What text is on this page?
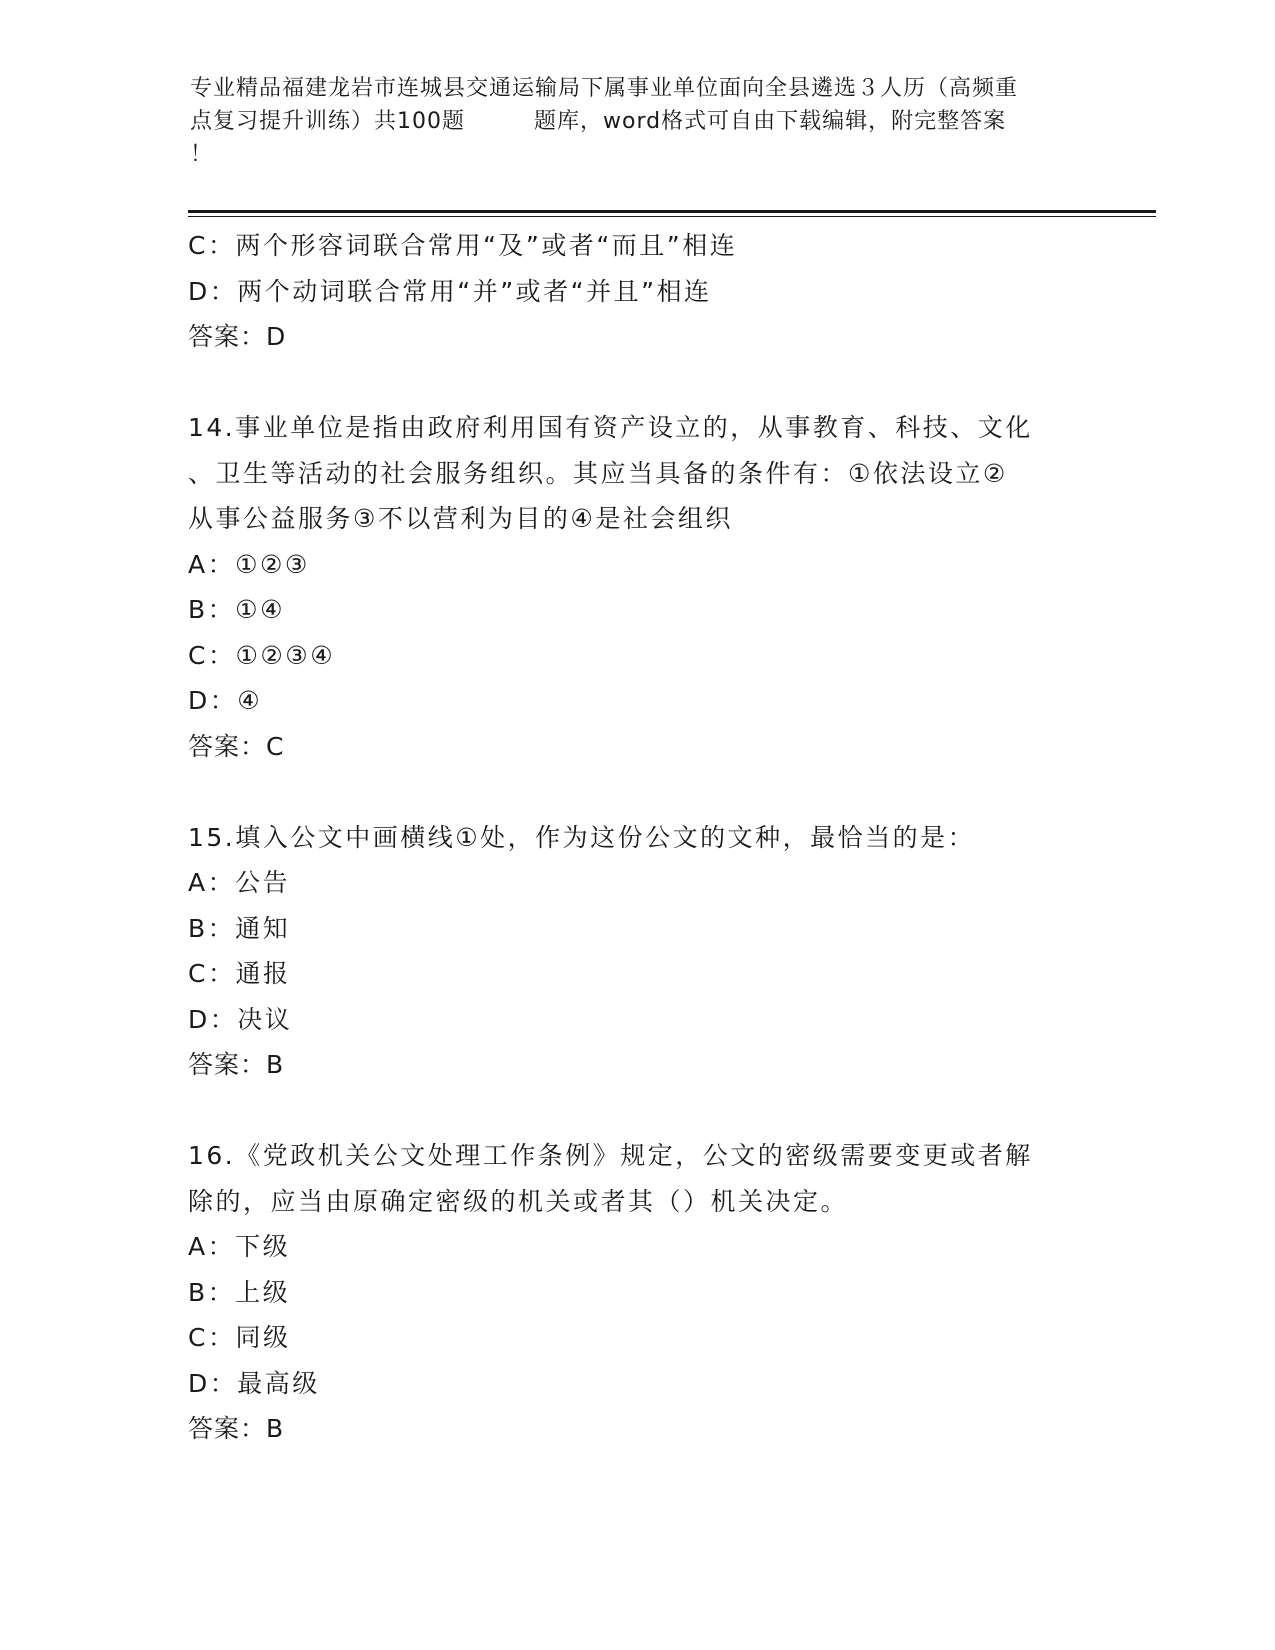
专业精品福建龙岩市连城县交通运输局下属事业单位面向全县遴选３人历（高频重
点复习提升训练）共100题　　　题库，word格式可自由下载编辑，附完整答案
！
C：两个形容词联合常用“及”或者“而且”相连
D：两个动词联合常用“并”或者“并且”相连
答案：D
14.事业单位是指由政府利用国有资产设立的，从事教育、科技、文化
、卫生等活动的社会服务组织。其应当具备的条件有：①依法设立②
从事公益服务③不以营利为目的④是社会组织
A：①②③
B：①④
C：①②③④
D：④
答案：C
15.填入公文中画横线①处，作为这份公文的文种，最恰当的是：
A：公告
B：通知
C：通报
D：决议
答案：B
16.《党政机关公文处理工作条例》规定，公文的密级需要变更或者解
除的，应当由原确定密级的机关或者其（）机关决定。
A：下级
B：上级
C：同级
D：最高级
答案：B
